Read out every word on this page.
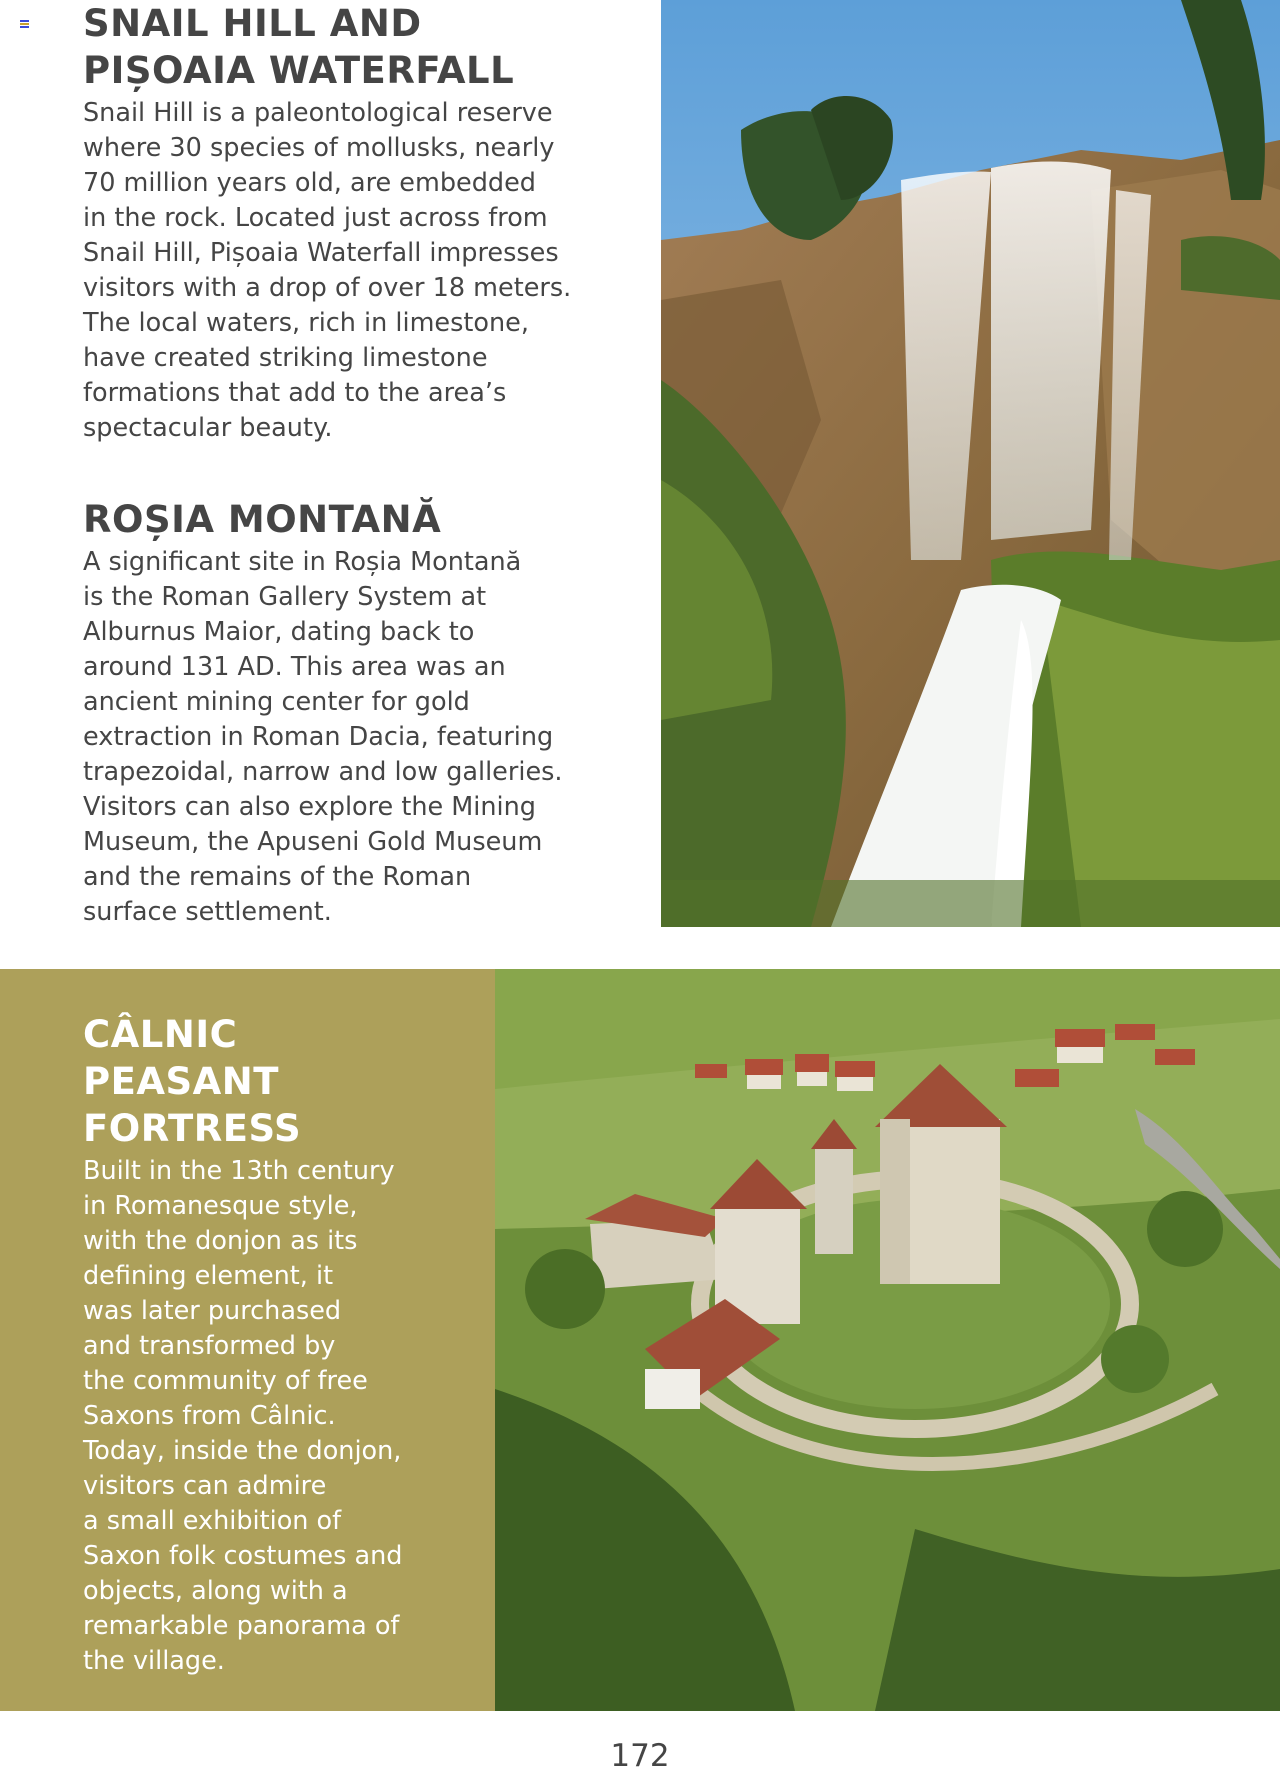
SNAIL HILL AND
PIȘOAIA WATERFALL

Snail Hill is a paleontological reserve
where 30 species of mollusks, nearly
70 million years old, are embedded
in the rock. Located just across from
Snail Hill, Pișoaia Waterfall impresses
visitors with a drop of over 18 meters.
The local waters, rich in limestone,
have created striking limestone
formations that add to the area’s
spectacular beauty.

ROȘIA MONTANĂ

A significant site in Roșia Montană
is the Roman Gallery System at
Alburnus Maior, dating back to
around 131 AD. This area was an
ancient mining center for gold
extraction in Roman Dacia, featuring
trapezoidal, narrow and low galleries.
Visitors can also explore the Mining
Museum, the Apuseni Gold Museum
and the remains of the Roman
surface settlement.

CÂLNIC
PEASANT
FORTRESS

Built in the 13th century
in Romanesque style,
with the donjon as its
defining element, it
was later purchased
and transformed by
the community of free
Saxons from Câlnic.
Today, inside the donjon,
visitors can admire
a small exhibition of
Saxon folk costumes and
objects, along with a
remarkable panorama of
the village.

172
